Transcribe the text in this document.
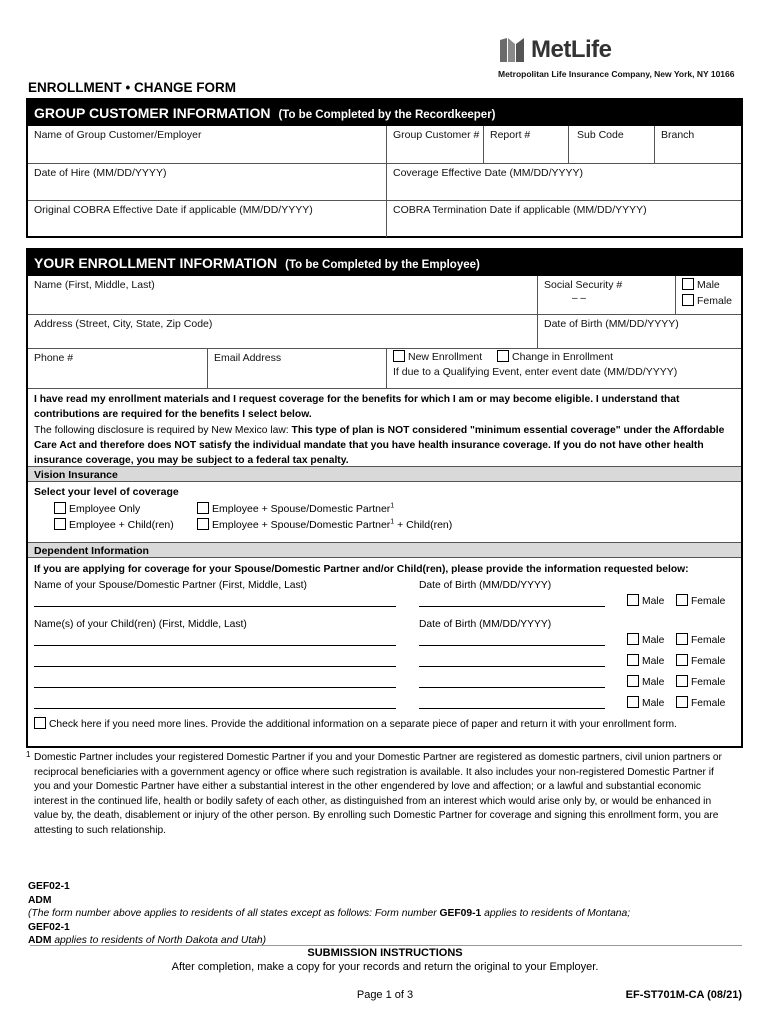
MetLife
Metropolitan Life Insurance Company, New York, NY 10166
ENROLLMENT • CHANGE FORM
GROUP CUSTOMER INFORMATION (To be Completed by the Recordkeeper)
Name of Group Customer/Employer	Group Customer #	Report #	Sub Code	Branch
Date of Hire (MM/DD/YYYY)	Coverage Effective Date (MM/DD/YYYY)
Original COBRA Effective Date if applicable (MM/DD/YYYY)	COBRA Termination Date if applicable (MM/DD/YYYY)
YOUR ENROLLMENT INFORMATION (To be Completed by the Employee)
Name (First, Middle, Last)	Social Security #
– –
Male
Female
Address (Street, City, State, Zip Code)	Date of Birth (MM/DD/YYYY)
Phone #	Email Address	New Enrollment	Change in Enrollment
If due to a Qualifying Event, enter event date (MM/DD/YYYY)
I have read my enrollment materials and I request coverage for the benefits for which I am or may become eligible. I understand that
contributions are required for the benefits I select below.
The following disclosure is required by New Mexico law: This type of plan is NOT considered "minimum essential coverage" under the Affordable
Care Act and therefore does NOT satisfy the individual mandate that you have health insurance coverage. If you do not have other health
insurance coverage, you may be subject to a federal tax penalty.
Vision Insurance
Select your level of coverage
Employee Only
Employee + Child(ren)
Employee + Spouse/Domestic Partner$^1$
Employee + Spouse/Domestic Partner$^1$ + Child(ren)
Dependent Information
If you are applying for coverage for your Spouse/Domestic Partner and/or Child(ren), please provide the information requested below:
Name of your Spouse/Domestic Partner (First, Middle, Last)	Date of Birth (MM/DD/YYYY)
Male	Female
Name(s) of your Child(ren) (First, Middle, Last)	Date of Birth (MM/DD/YYYY)
Male	Female
Male	Female
Male	Female
Male	Female
Check here if you need more lines. Provide the additional information on a separate piece of paper and return it with your enrollment form.
1 Domestic Partner includes your registered Domestic Partner if you and your Domestic Partner are registered as domestic partners, civil union partners or
reciprocal beneficiaries with a government agency or office where such registration is available. It also includes your non-registered Domestic Partner if
you and your Domestic Partner have either a substantial interest in the other engendered by love and affection; or a lawful and substantial economic
interest in the continued life, health or bodily safety of each other, as distinguished from an interest which would arise only by, or would be enhanced in
value by, the death, disablement or injury of the other person. By enrolling such Domestic Partner for coverage and signing this enrollment form, you are
attesting to such relationship.
GEF02-1
ADM
(The form number above applies to residents of all states except as follows: Form number GEF09-1 applies to residents of Montana;
GEF02-1
ADM applies to residents of North Dakota and Utah)
SUBMISSION INSTRUCTIONS
After completion, make a copy for your records and return the original to your Employer.
Page 1 of 3	EF-ST701M-CA (08/21)
